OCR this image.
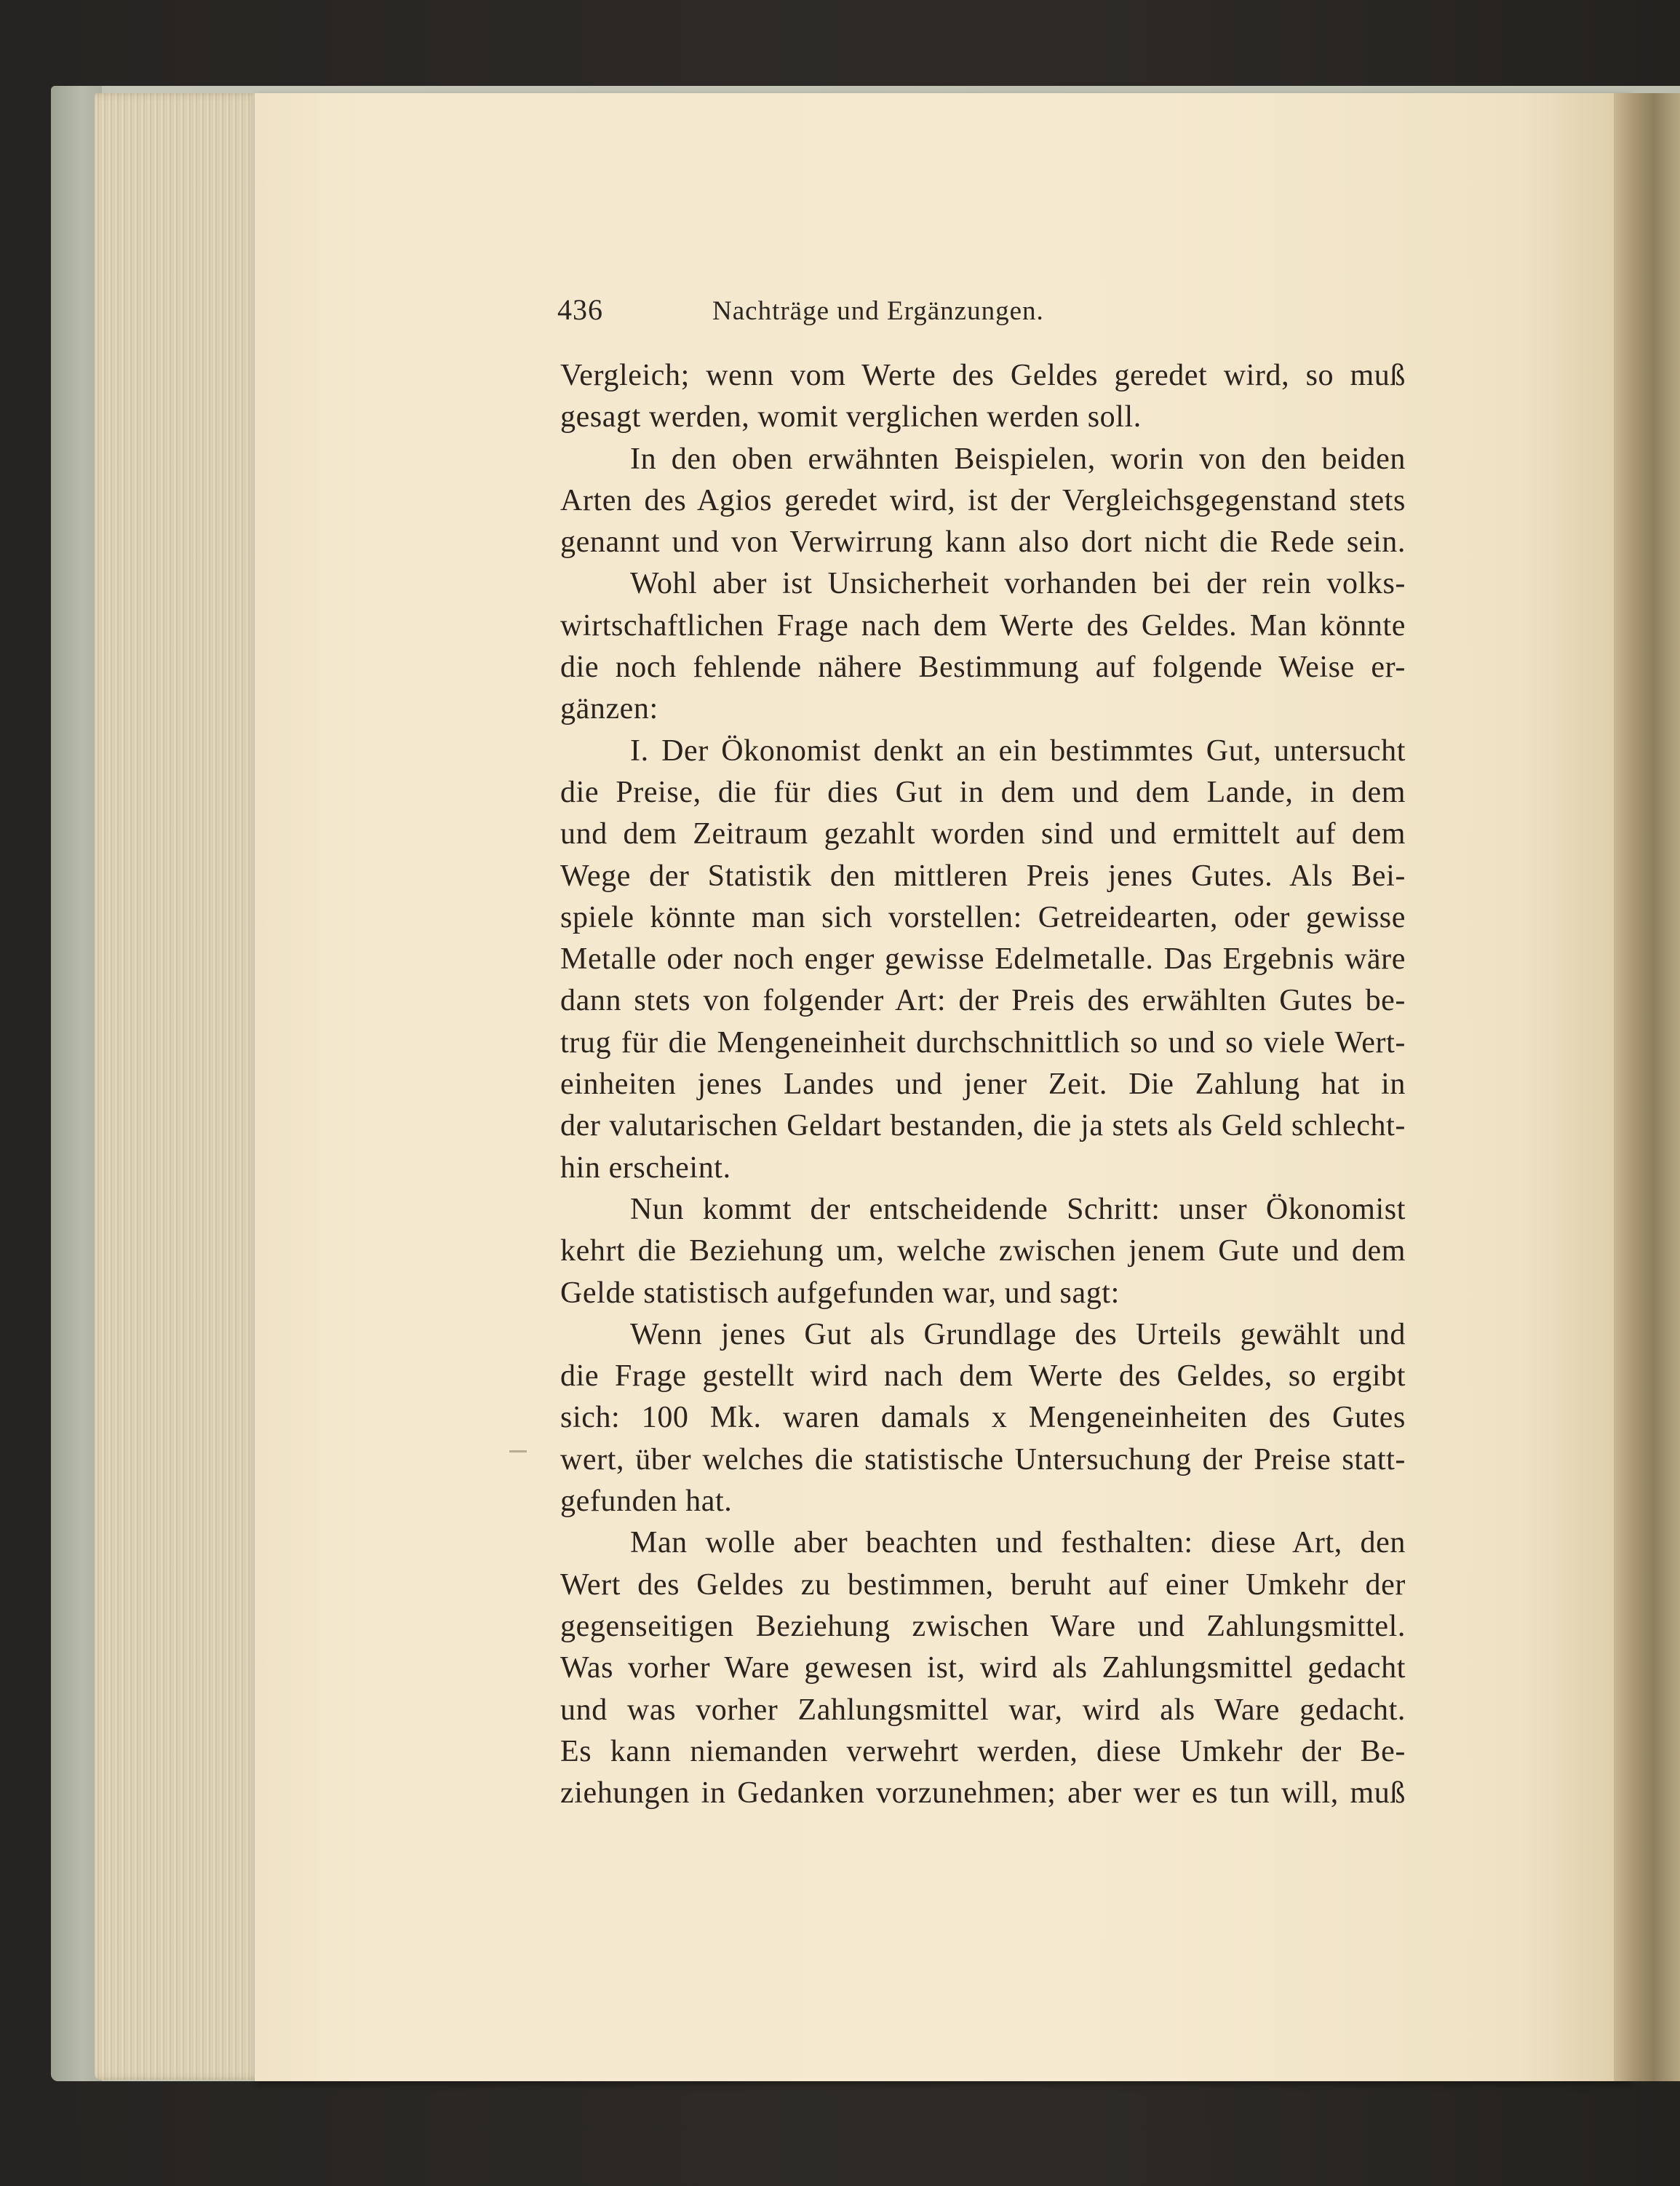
436	Nachträge und Ergänzungen.
Vergleich; wenn vom Werte des Geldes geredet wird, so muß
gesagt werden, womit verglichen werden soll.
In den oben erwähnten Beispielen, worin von den beiden
Arten des Agios geredet wird, ist der Vergleichsgegenstand stets
genannt und von Verwirrung kann also dort nicht die Rede sein.
Wohl aber ist Unsicherheit vorhanden bei der rein volks-
wirtschaftlichen Frage nach dem Werte des Geldes. Man könnte
die noch fehlende nähere Bestimmung auf folgende Weise er-
gänzen:
I. Der Ökonomist denkt an ein bestimmtes Gut, untersucht
die Preise, die für dies Gut in dem und dem Lande, in dem
und dem Zeitraum gezahlt worden sind und ermittelt auf dem
Wege der Statistik den mittleren Preis jenes Gutes. Als Bei-
spiele könnte man sich vorstellen: Getreidearten, oder gewisse
Metalle oder noch enger gewisse Edelmetalle. Das Ergebnis wäre
dann stets von folgender Art: der Preis des erwählten Gutes be-
trug für die Mengeneinheit durchschnittlich so und so viele Wert-
einheiten jenes Landes und jener Zeit. Die Zahlung hat in
der valutarischen Geldart bestanden, die ja stets als Geld schlecht-
hin erscheint.
Nun kommt der entscheidende Schritt: unser Ökonomist
kehrt die Beziehung um, welche zwischen jenem Gute und dem
Gelde statistisch aufgefunden war, und sagt:
Wenn jenes Gut als Grundlage des Urteils gewählt und
die Frage gestellt wird nach dem Werte des Geldes, so ergibt
sich: 100 Mk. waren damals x Mengeneinheiten des Gutes
wert, über welches die statistische Untersuchung der Preise statt-
gefunden hat.
Man wolle aber beachten und festhalten: diese Art, den
Wert des Geldes zu bestimmen, beruht auf einer Umkehr der
gegenseitigen Beziehung zwischen Ware und Zahlungsmittel.
Was vorher Ware gewesen ist, wird als Zahlungsmittel gedacht
und was vorher Zahlungsmittel war, wird als Ware gedacht.
Es kann niemanden verwehrt werden, diese Umkehr der Be-
ziehungen in Gedanken vorzunehmen; aber wer es tun will, muß
